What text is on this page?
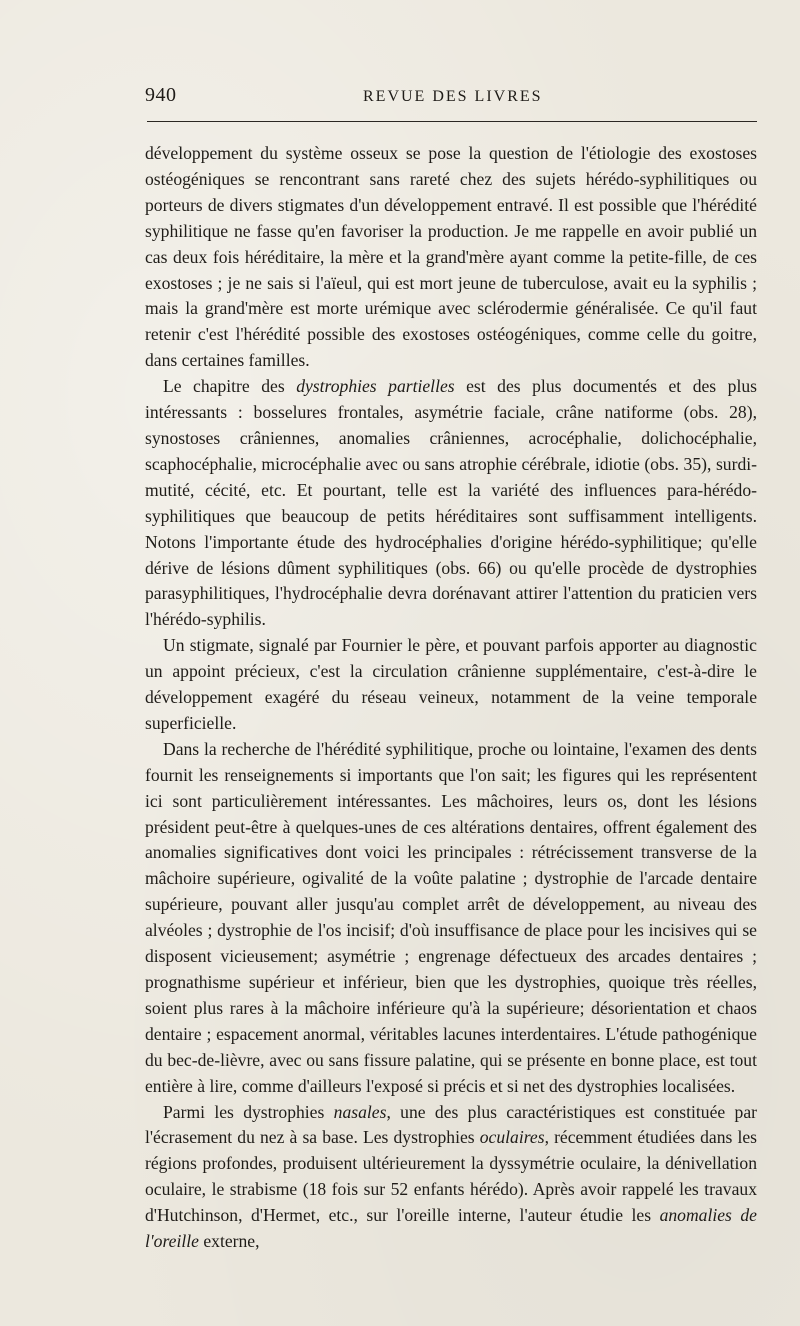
940	REVUE DES LIVRES

développement du système osseux se pose la question de l'étiologie des exostoses ostéogéniques se rencontrant sans rareté chez des sujets hérédo-syphilitiques ou porteurs de divers stigmates d'un développement entravé. Il est possible que l'hérédité syphilitique ne fasse qu'en favoriser la production. Je me rappelle en avoir publié un cas deux fois héréditaire, la mère et la grand'mère ayant comme la petite-fille, de ces exostoses ; je ne sais si l'aïeul, qui est mort jeune de tuberculose, avait eu la syphilis ; mais la grand'mère est morte urémique avec sclérodermie généralisée. Ce qu'il faut retenir c'est l'hérédité possible des exostoses ostéogéniques, comme celle du goitre, dans certaines familles.

Le chapitre des dystrophies partielles est des plus documentés et des plus intéressants : bosselures frontales, asymétrie faciale, crâne natiforme (obs. 28), synostoses crâniennes, anomalies crâniennes, acrocéphalie, dolichocéphalie, scaphocéphalie, microcéphalie avec ou sans atrophie cérébrale, idiotie (obs. 35), surdi-mutité, cécité, etc. Et pourtant, telle est la variété des influences para-hérédo-syphilitiques que beaucoup de petits héréditaires sont suffisamment intelligents. Notons l'importante étude des hydrocéphalies d'origine hérédo-syphilitique; qu'elle dérive de lésions dûment syphilitiques (obs. 66) ou qu'elle procède de dystrophies parasyphilitiques, l'hydrocéphalie devra dorénavant attirer l'attention du praticien vers l'hérédo-syphilis.

Un stigmate, signalé par Fournier le père, et pouvant parfois apporter au diagnostic un appoint précieux, c'est la circulation crânienne supplémentaire, c'est-à-dire le développement exagéré du réseau veineux, notamment de la veine temporale superficielle.

Dans la recherche de l'hérédité syphilitique, proche ou lointaine, l'examen des dents fournit les renseignements si importants que l'on sait; les figures qui les représentent ici sont particulièrement intéressantes. Les mâchoires, leurs os, dont les lésions président peut-être à quelques-unes de ces altérations dentaires, offrent également des anomalies significatives dont voici les principales : rétrécissement transverse de la mâchoire supérieure, ogivalité de la voûte palatine ; dystrophie de l'arcade dentaire supérieure, pouvant aller jusqu'au complet arrêt de développement, au niveau des alvéoles ; dystrophie de l'os incisif; d'où insuffisance de place pour les incisives qui se disposent vicieusement; asymétrie ; engrenage défectueux des arcades dentaires ; prognathisme supérieur et inférieur, bien que les dystrophies, quoique très réelles, soient plus rares à la mâchoire inférieure qu'à la supérieure; désorientation et chaos dentaire ; espacement anormal, véritables lacunes interdentaires. L'étude pathogénique du bec-de-lièvre, avec ou sans fissure palatine, qui se présente en bonne place, est tout entière à lire, comme d'ailleurs l'exposé si précis et si net des dystrophies localisées.

Parmi les dystrophies nasales, une des plus caractéristiques est constituée par l'écrasement du nez à sa base. Les dystrophies oculaires, récemment étudiées dans les régions profondes, produisent ultérieurement la dyssymétrie oculaire, la dénivellation oculaire, le strabisme (18 fois sur 52 enfants hérédo). Après avoir rappelé les travaux d'Hutchinson, d'Hermet, etc., sur l'oreille interne, l'auteur étudie les anomalies de l'oreille externe,
